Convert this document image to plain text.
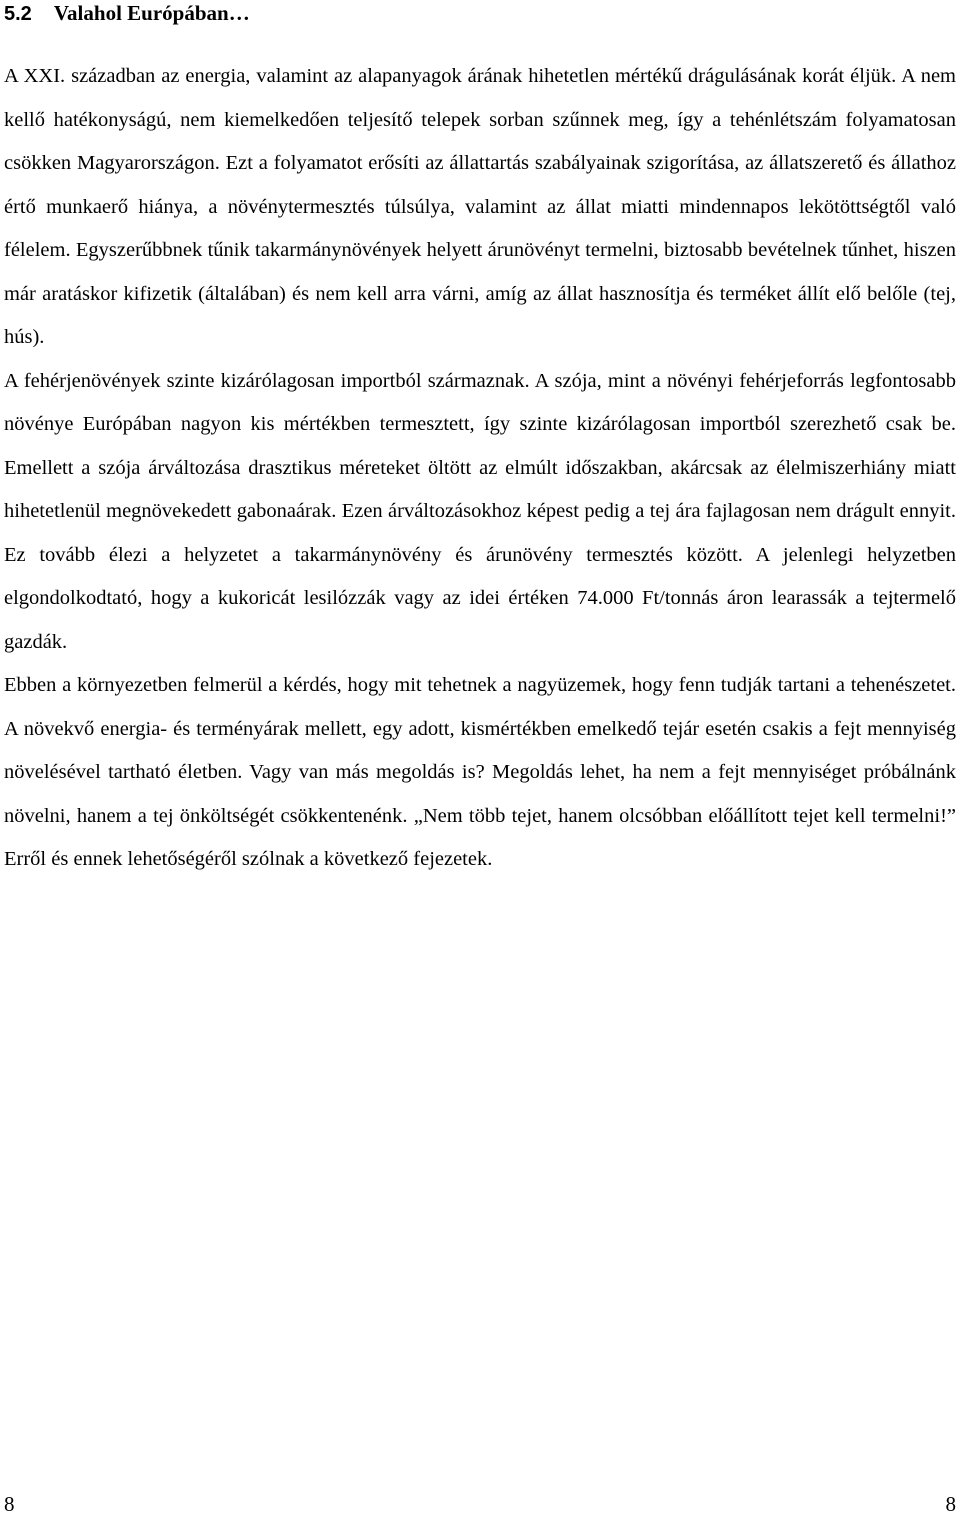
5.2 Valahol Európában…

A XXI. században az energia, valamint az alapanyagok árának hihetetlen mértékű drágulásának korát éljük. A nem kellő hatékonyságú, nem kiemelkedően teljesítő telepek sorban szűnnek meg, így a tehénlétszám folyamatosan csökken Magyarországon. Ezt a folyamatot erősíti az állattartás szabályainak szigorítása, az állatszerető és állathoz értő munkaerő hiánya, a növénytermesztés túlsúlya, valamint az állat miatti mindennapos lekötöttségtől való félelem. Egyszerűbbnek tűnik takarmánynövények helyett árunövényt termelni, biztosabb bevételnek tűnhet, hiszen már aratáskor kifizetik (általában) és nem kell arra várni, amíg az állat hasznosítja és terméket állít elő belőle (tej, hús).

A fehérjenövények szinte kizárólagosan importból származnak. A szója, mint a növényi fehérjeforrás legfontosabb növénye Európában nagyon kis mértékben termesztett, így szinte kizárólagosan importból szerezhető csak be. Emellett a szója árváltozása drasztikus méreteket öltött az elmúlt időszakban, akárcsak az élelmiszerhiány miatt hihetetlenül megnövekedett gabonaárak. Ezen árváltozásokhoz képest pedig a tej ára fajlagosan nem drágult ennyit. Ez tovább élezi a helyzetet a takarmánynövény és árunövény termesztés között. A jelenlegi helyzetben elgondolkodtató, hogy a kukoricát lesilózzák vagy az idei értéken 74.000 Ft/tonnás áron learassák a tejtermelő gazdák.

Ebben a környezetben felmerül a kérdés, hogy mit tehetnek a nagyüzemek, hogy fenn tudják tartani a tehenészetet. A növekvő energia- és terményárak mellett, egy adott, kismértékben emelkedő tejár esetén csakis a fejt mennyiség növelésével tartható életben. Vagy van más megoldás is? Megoldás lehet, ha nem a fejt mennyiséget próbálnánk növelni, hanem a tej önköltségét csökkentenénk. „Nem több tejet, hanem olcsóbban előállított tejet kell termelni!” Erről és ennek lehetőségéről szólnak a következő fejezetek.

8	8
